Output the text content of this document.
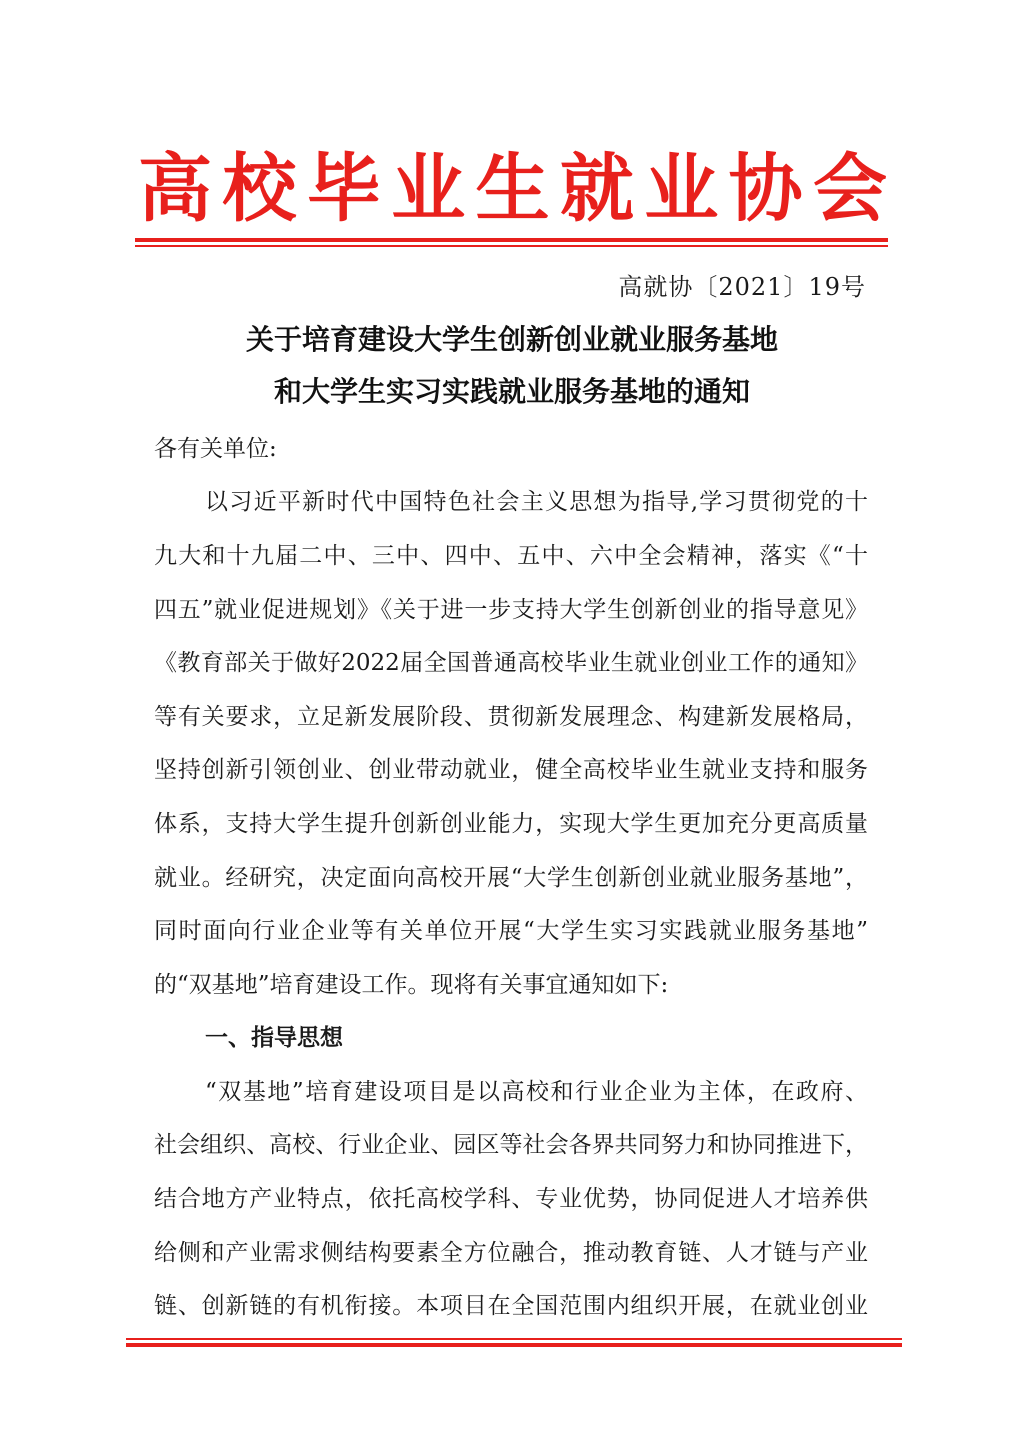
高 校 毕 业 生 就 业 协 会
高就协〔2021〕19号
关于培育建设大学生创新创业就业服务基地
和大学生实习实践就业服务基地的通知
各有关单位:
以习近平新时代中国特色社会主义思想为指导,学习贯彻党的十
九大和十九届二中、三中、四中、五中、六中全会精神，落实《“十
四五”就业促进规划》《关于进一步支持大学生创新创业的指导意见》
《教育部关于做好2022届全国普通高校毕业生就业创业工作的通知》
等有关要求，立足新发展阶段、贯彻新发展理念、构建新发展格局，
坚持创新引领创业、创业带动就业，健全高校毕业生就业支持和服务
体系，支持大学生提升创新创业能力，实现大学生更加充分更高质量
就业。经研究，决定面向高校开展“大学生创新创业就业服务基地”，
同时面向行业企业等有关单位开展“大学生实习实践就业服务基地”
的“双基地”培育建设工作。现将有关事宜通知如下:
一、指导思想
“双基地”培育建设项目是以高校和行业企业为主体，在政府、
社会组织、高校、行业企业、园区等社会各界共同努力和协同推进下，
结合地方产业特点，依托高校学科、专业优势，协同促进人才培养供
给侧和产业需求侧结构要素全方位融合，推动教育链、人才链与产业
链、创新链的有机衔接。本项目在全国范围内组织开展，在就业创业
